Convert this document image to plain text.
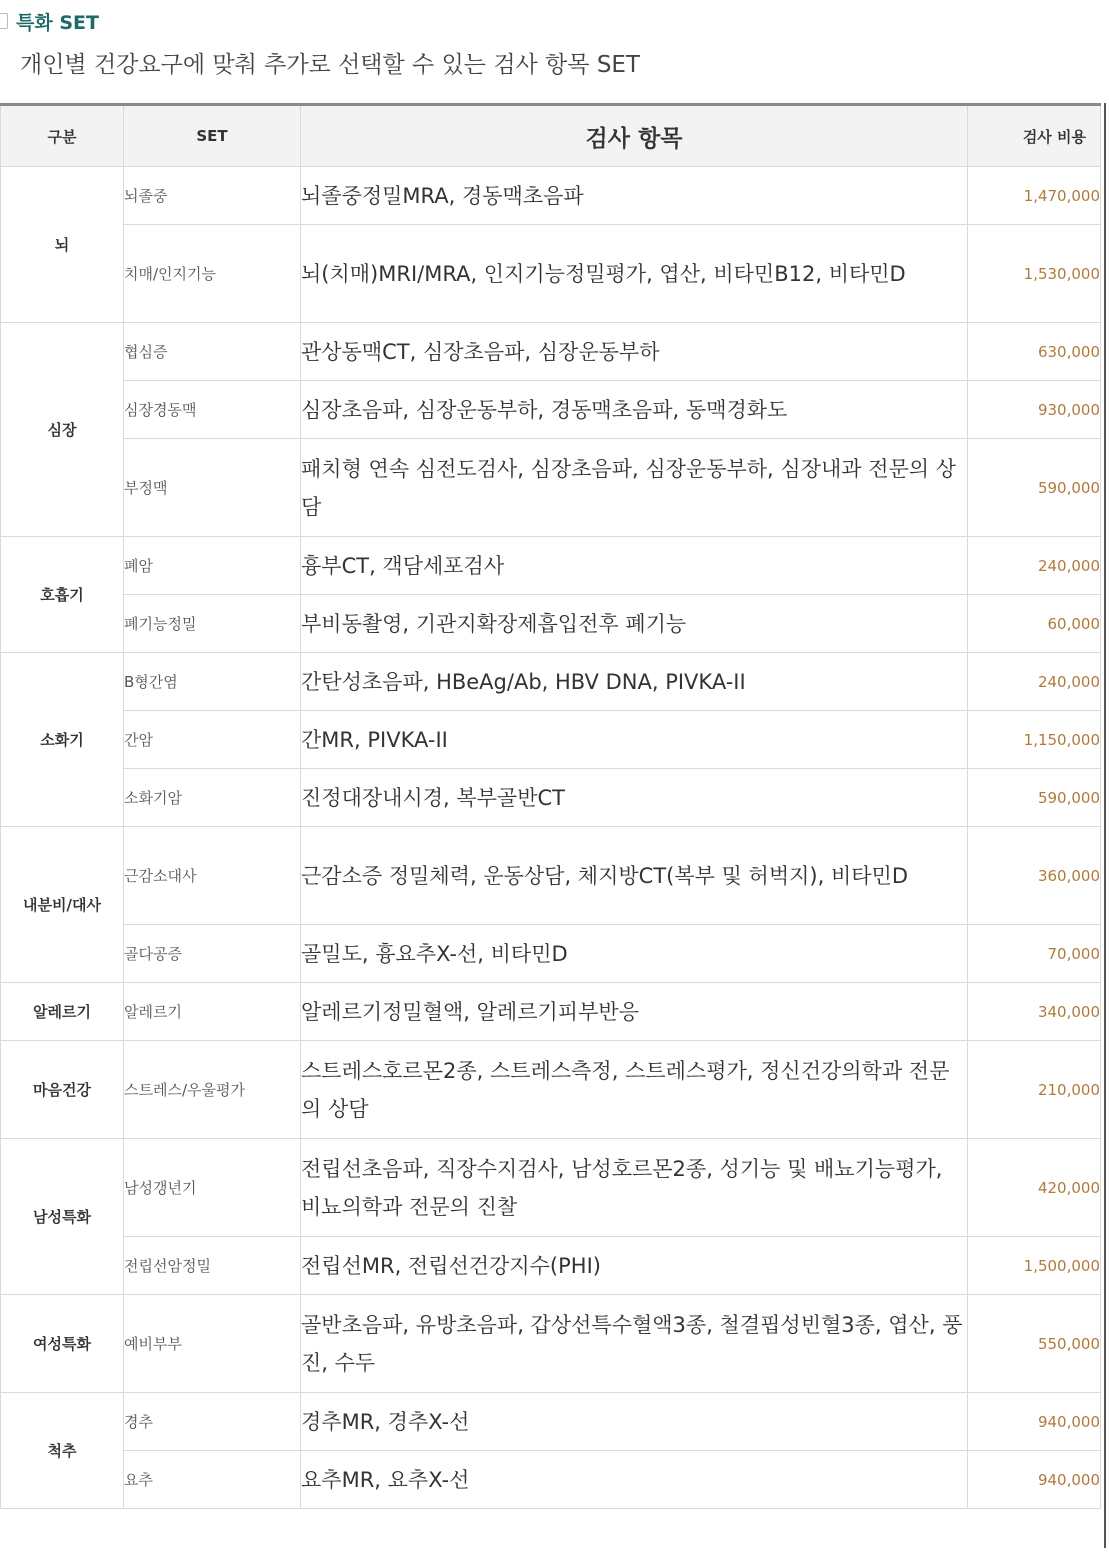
특화 SET
개인별 건강요구에 맞춰 추가로 선택할 수 있는 검사 항목 SET
구분	SET	검사 항목	검사 비용
뇌	뇌졸중	뇌졸중정밀MRA, 경동맥초음파	1,470,000
	치매/인지기능	뇌(치매)MRI/MRA, 인지기능정밀평가, 엽산, 비타민B12, 비타민D	1,530,000
심장	협심증	관상동맥CT, 심장초음파, 심장운동부하	630,000
	심장경동맥	심장초음파, 심장운동부하, 경동맥초음파, 동맥경화도	930,000
	부정맥	패치형 연속 심전도검사, 심장초음파, 심장운동부하, 심장내과 전문의 상담	590,000
호흡기	폐암	흉부CT, 객담세포검사	240,000
	폐기능정밀	부비동촬영, 기관지확장제흡입전후 폐기능	60,000
소화기	B형간염	간탄성초음파, HBeAg/Ab, HBV DNA, PIVKA-II	240,000
	간암	간MR, PIVKA-II	1,150,000
	소화기암	진정대장내시경, 복부골반CT	590,000
내분비/대사	근감소대사	근감소증 정밀체력, 운동상담, 체지방CT(복부 및 허벅지), 비타민D	360,000
	골다공증	골밀도, 흉요추X-선, 비타민D	70,000
알레르기	알레르기	알레르기정밀혈액, 알레르기피부반응	340,000
마음건강	스트레스/우울평가	스트레스호르몬2종, 스트레스측정, 스트레스평가, 정신건강의학과 전문의 상담	210,000
남성특화	남성갱년기	전립선초음파, 직장수지검사, 남성호르몬2종, 성기능 및 배뇨기능평가, 비뇨의학과 전문의 진찰	420,000
	전립선암정밀	전립선MR, 전립선건강지수(PHI)	1,500,000
여성특화	예비부부	골반초음파, 유방초음파, 갑상선특수혈액3종, 철결핍성빈혈3종, 엽산, 풍진, 수두	550,000
척추	경추	경추MR, 경추X-선	940,000
	요추	요추MR, 요추X-선	940,000
